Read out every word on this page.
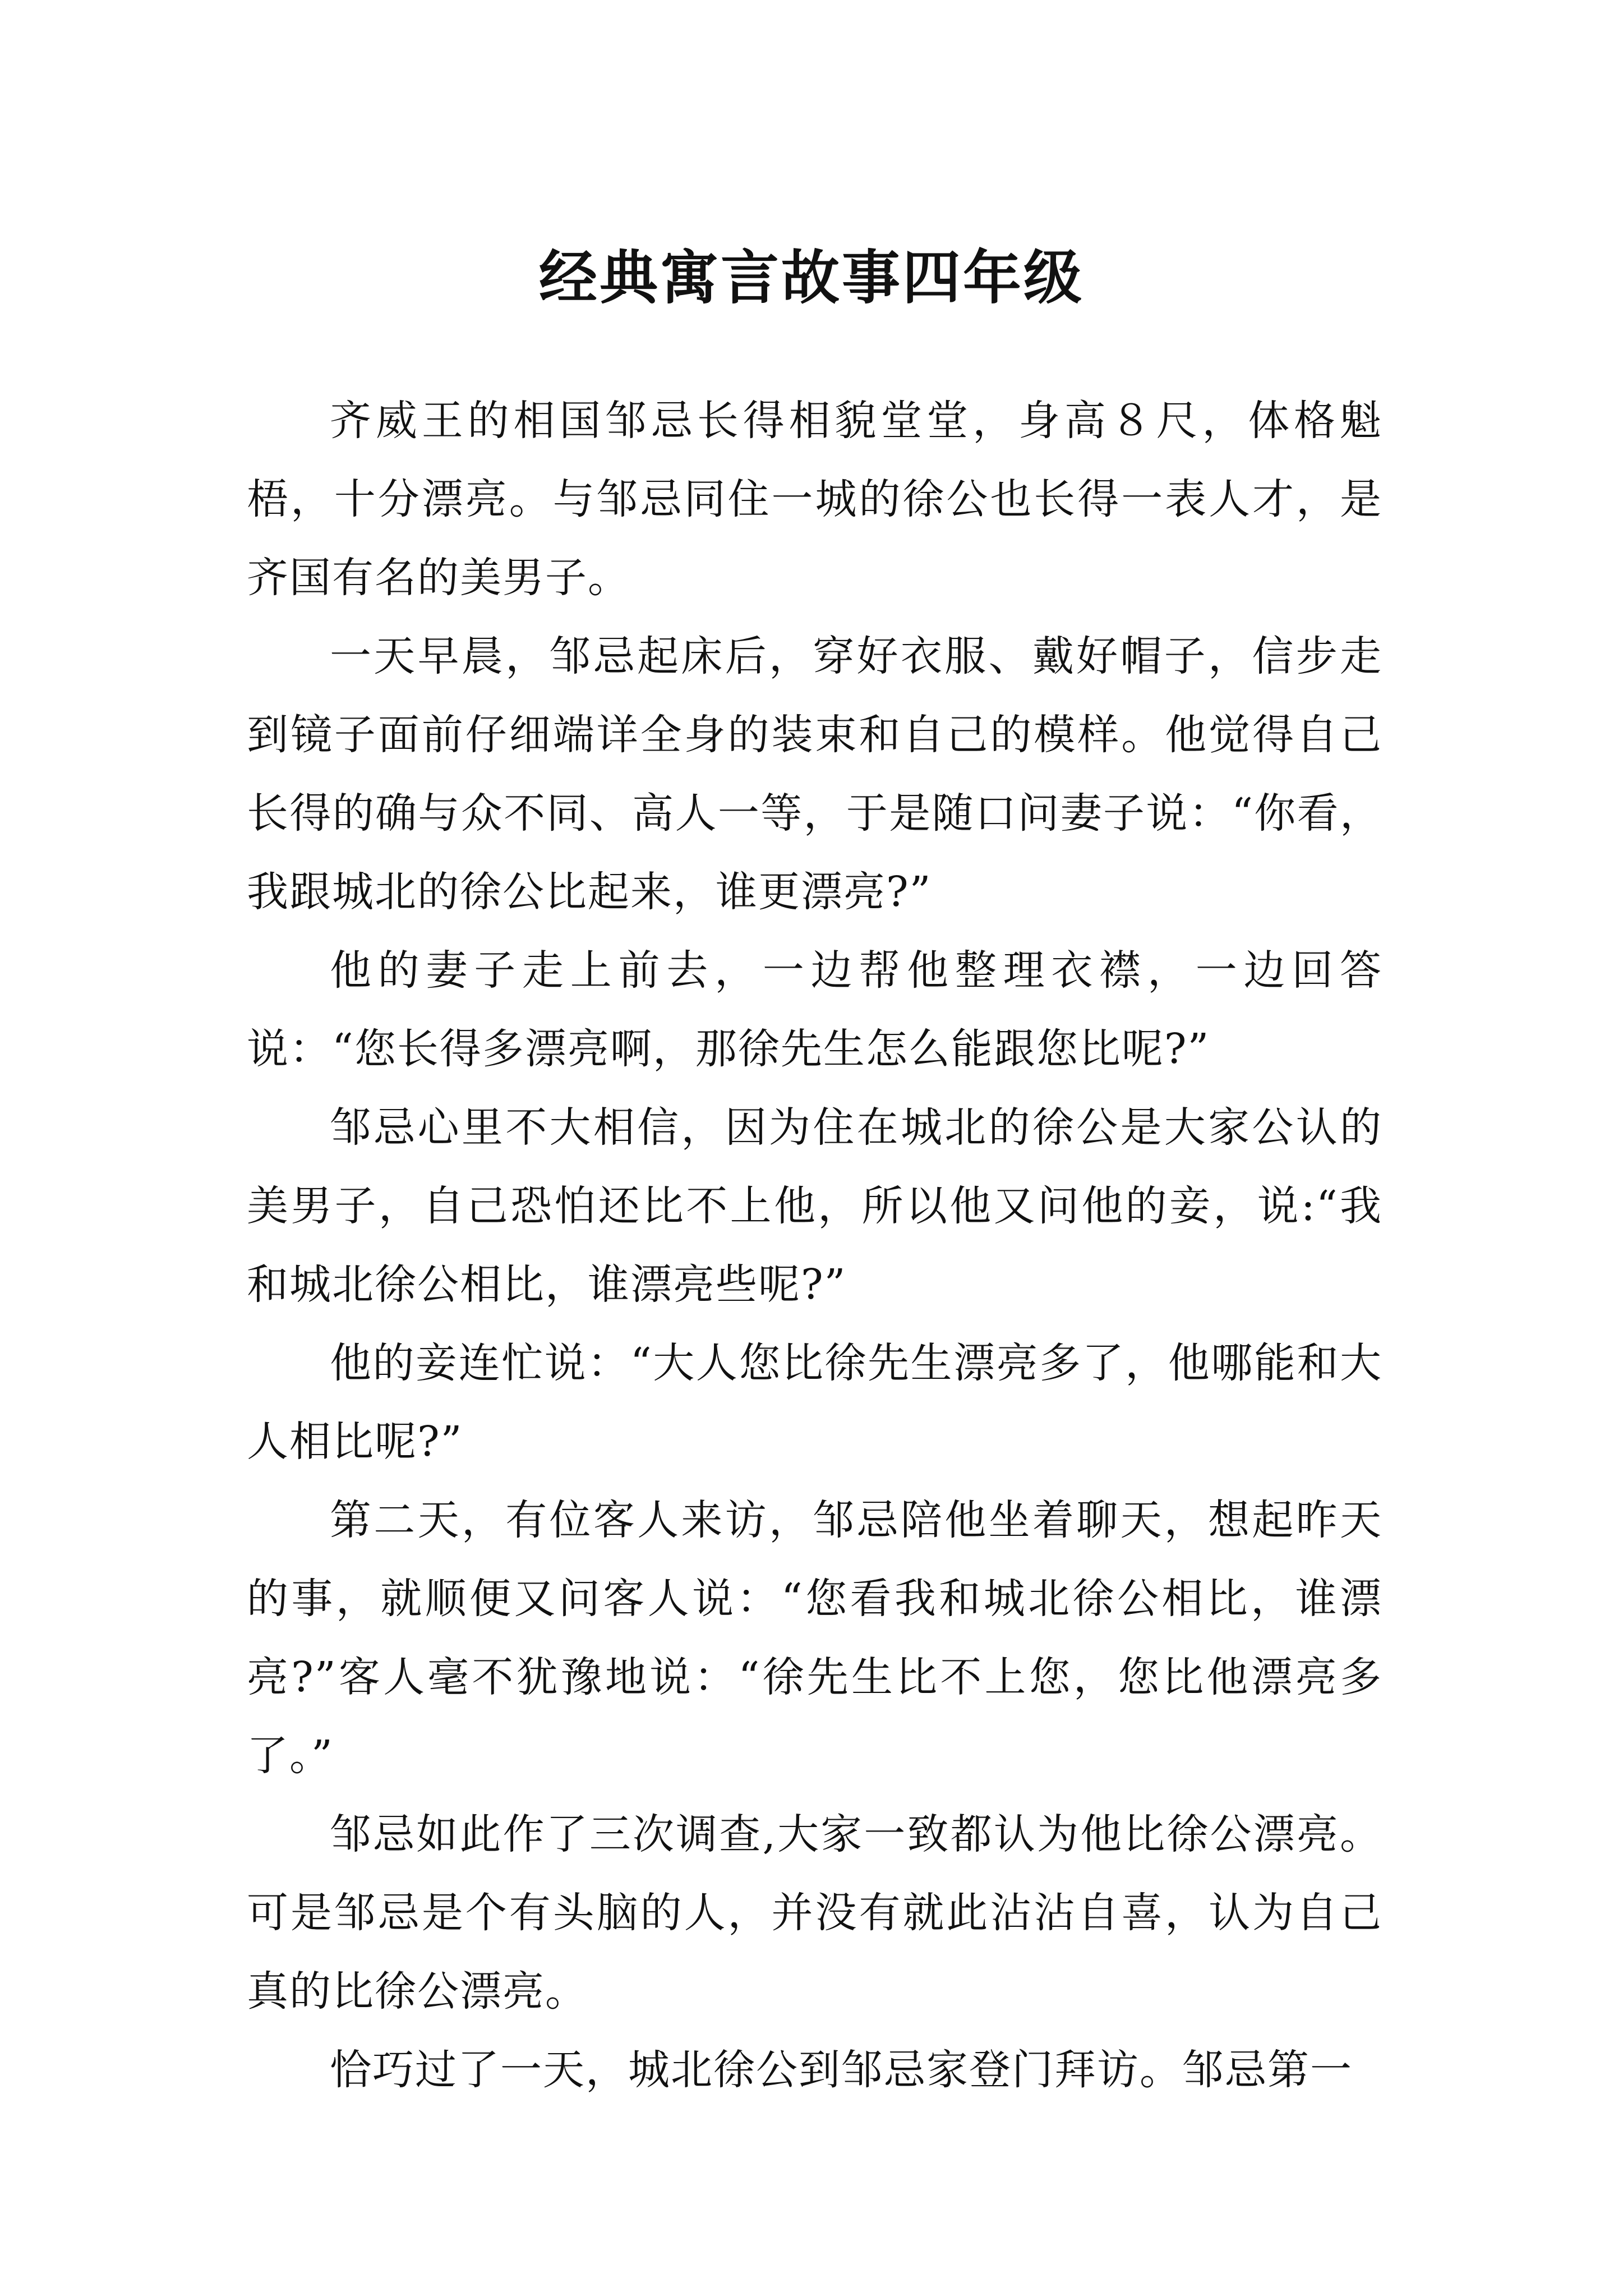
经典寓言故事四年级

齐威王的相国邹忌长得相貌堂堂，身高８尺，体格魁梧，十分漂亮。与邹忌同住一城的徐公也长得一表人才，是齐国有名的美男子。

一天早晨，邹忌起床后，穿好衣服、戴好帽子，信步走到镜子面前仔细端详全身的装束和自己的模样。他觉得自己长得的确与众不同、高人一等，于是随口问妻子说：“你看，我跟城北的徐公比起来，谁更漂亮?”

他的妻子走上前去，一边帮他整理衣襟，一边回答说：“您长得多漂亮啊，那徐先生怎么能跟您比呢?”

邹忌心里不大相信，因为住在城北的徐公是大家公认的美男子，自己恐怕还比不上他，所以他又问他的妾，说:“我和城北徐公相比，谁漂亮些呢?”

他的妾连忙说：“大人您比徐先生漂亮多了，他哪能和大人相比呢?”

第二天，有位客人来访，邹忌陪他坐着聊天，想起昨天的事，就顺便又问客人说：“您看我和城北徐公相比，谁漂亮?”客人毫不犹豫地说：“徐先生比不上您，您比他漂亮多了。”

邹忌如此作了三次调查,大家一致都认为他比徐公漂亮。可是邹忌是个有头脑的人，并没有就此沾沾自喜，认为自己真的比徐公漂亮。

恰巧过了一天，城北徐公到邹忌家登门拜访。邹忌第一
